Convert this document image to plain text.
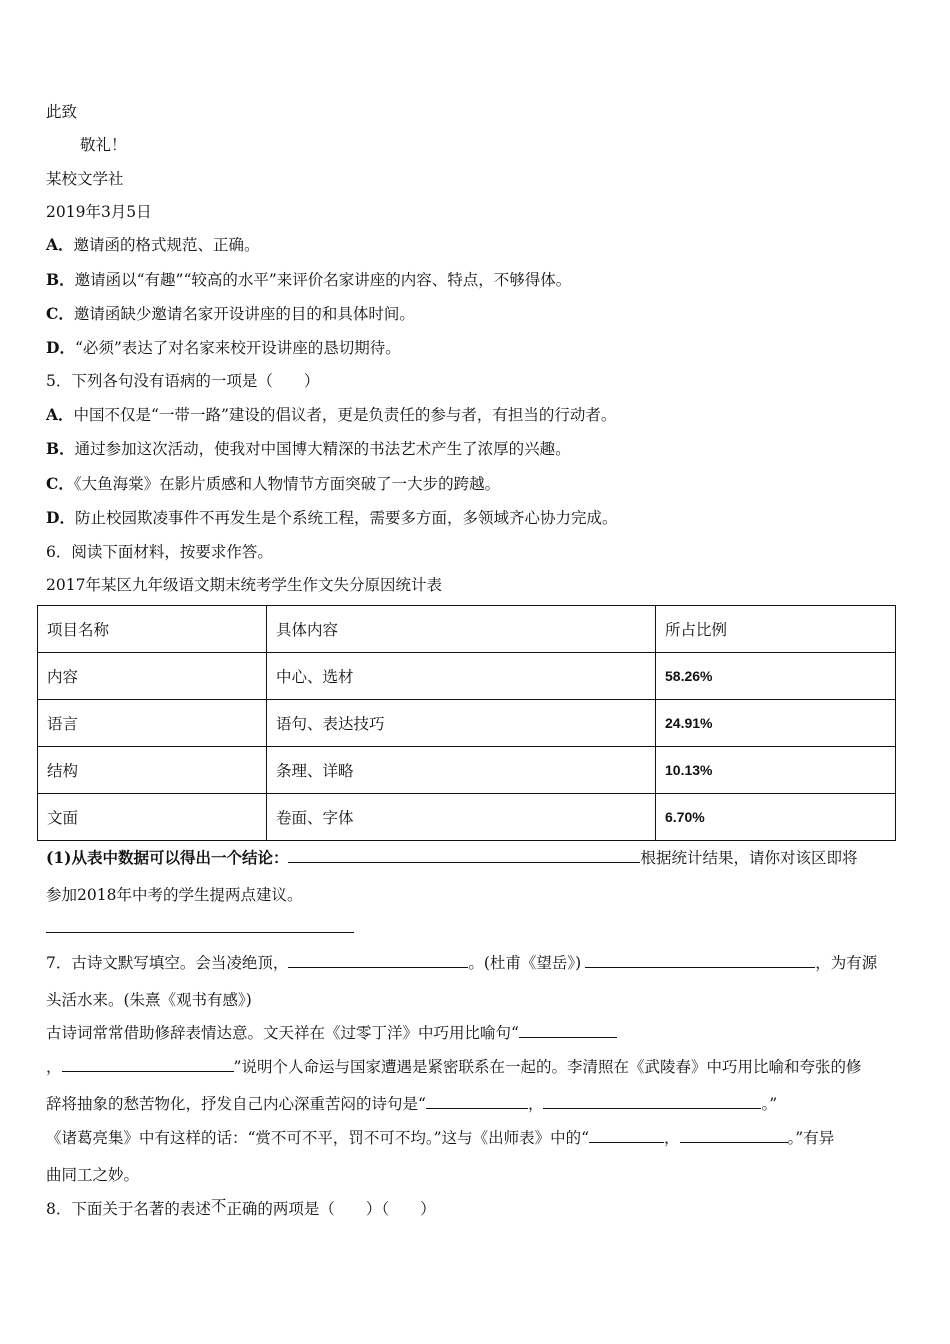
此致
敬礼！
某校文学社
2019年3月5日
A．邀请函的格式规范、正确。
B．邀请函以“有趣”“较高的水平”来评价名家讲座的内容、特点，不够得体。
C．邀请函缺少邀请名家开设讲座的目的和具体时间。
D．“必须”表达了对名家来校开设讲座的恳切期待。
5．下列各句没有语病的一项是（　　）
A．中国不仅是“一带一路”建设的倡议者，更是负责任的参与者，有担当的行动者。
B．通过参加这次活动，使我对中国博大精深的书法艺术产生了浓厚的兴趣。
C．《大鱼海棠》在影片质感和人物情节方面突破了一大步的跨越。
D．防止校园欺凌事件不再发生是个系统工程，需要多方面，多领域齐心协力完成。
6．阅读下面材料，按要求作答。
2017年某区九年级语文期末统考学生作文失分原因统计表
项目名称	具体内容	所占比例
内容	中心、选材	58.26%
语言	语句、表达技巧	24.91%
结构	条理、详略	10.13%
文面	卷面、字体	6.70%
(1)从表中数据可以得出一个结论：	根据统计结果，请你对该区即将
参加2018年中考的学生提两点建议。
7．古诗文默写填空。会当凌绝顶，	。(杜甫《望岳》)	，为有源
头活水来。(朱熹《观书有感》)
古诗词常常借助修辞表情达意。文天祥在《过零丁洋》中巧用比喻句“
，	”说明个人命运与国家遭遇是紧密联系在一起的。李清照在《武陵春》中巧用比喻和夸张的修
辞将抽象的愁苦物化，抒发自己内心深重苦闷的诗句是“	，	。”
《诸葛亮集》中有这样的话：“赏不可不平，罚不可不均。”这与《出师表》中的“	，	。”有异
曲同工之妙。
8．下面关于名著的表述不正确的两项是（　　）（　　）
